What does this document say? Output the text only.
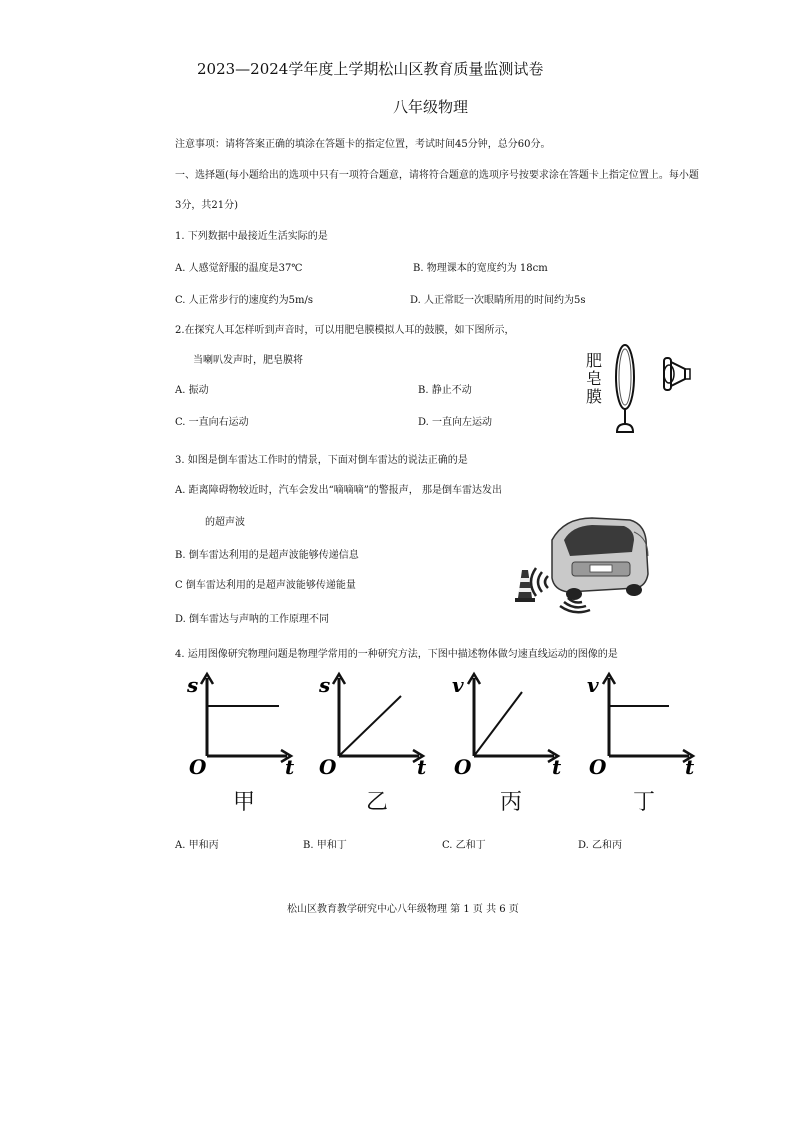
2023—2024学年度上学期松山区教育质量监测试卷
八年级物理
注意事项：请将答案正确的填涂在答题卡的指定位置，考试时间45分钟，总分60分。
一、选择题(每小题给出的选项中只有一项符合题意，请将符合题意的选项序号按要求涂在答题卡上指定位置上。每小题
3分，共21分)
1. 下列数据中最接近生活实际的是
A. 人感觉舒服的温度是37℃	B. 物理课本的宽度约为 18cm
C. 人正常步行的速度约为5m/s	D. 人正常眨一次眼睛所用的时间约为5s
2.在探究人耳怎样听到声音时，可以用肥皂膜模拟人耳的鼓膜，如下图所示，
当喇叭发声时，肥皂膜将
A. 振动	B. 静止不动
C. 一直向右运动	D. 一直向左运动
肥
皂
膜
3. 如图是倒车雷达工作时的情景，下面对倒车雷达的说法正确的是
A. 距离障碍物较近时，汽车会发出“嘀嘀嘀”的警报声， 那是倒车雷达发出
的超声波
B. 倒车雷达利用的是超声波能够传递信息
C 倒车雷达利用的是超声波能够传递能量
D. 倒车雷达与声呐的工作原理不同
4. 运用图像研究物理问题是物理学常用的一种研究方法，下图中描述物体做匀速直线运动的图像的是
s
O	t
甲
s
O	t
乙
v
O	t
丙
v
O	t
丁
A. 甲和丙	B. 甲和丁	C. 乙和丁	D. 乙和丙
松山区教育教学研究中心八年级物理 第 1 页 共 6 页
